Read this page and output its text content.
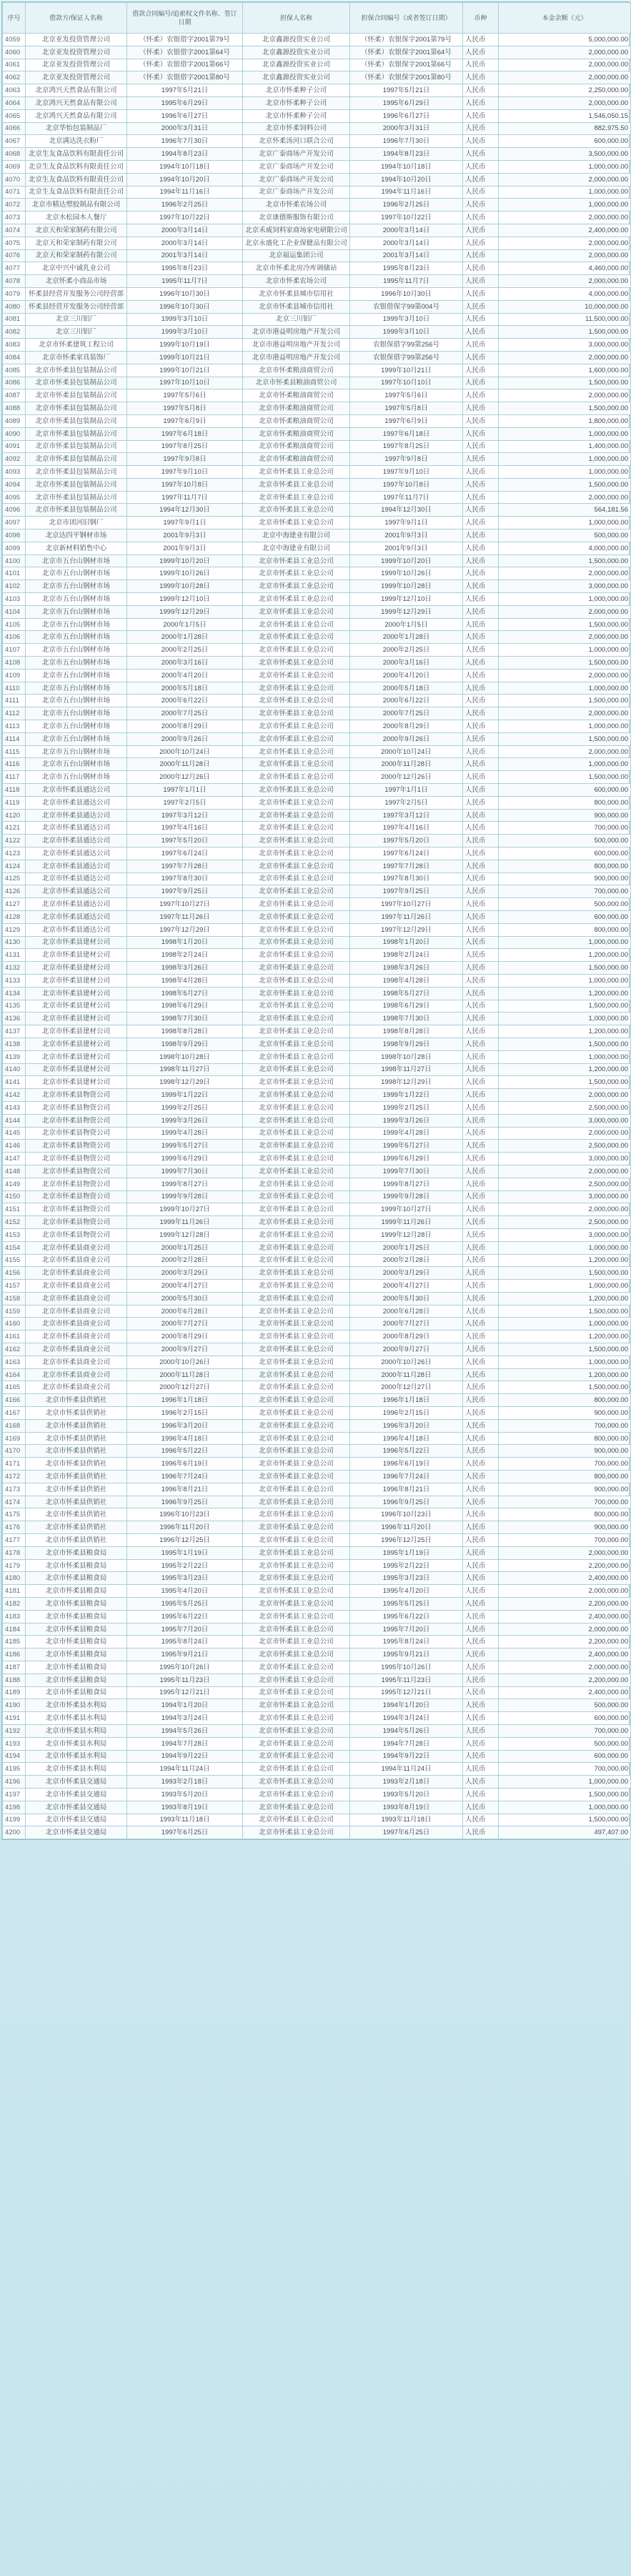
序号	借款方/保证人名称	借款合同编号/追索权文件名称、签订日期	担保人名称	担保合同编号（或者签订日期）	币种	本金余额（元）
4059	北京亚发投资管理公司	（怀柔）农银借字2001第79号	北京鑫源投资实业公司	（怀柔）农银保字2001第79号	人民币	5,000,000.00
4060	北京亚发投资管理公司	（怀柔）农银借字2001第64号	北京鑫源投资实业公司	（怀柔）农银保字2001第64号	人民币	2,000,000.00
4061	北京亚发投资管理公司	（怀柔）农银借字2001第66号	北京鑫源投资实业公司	（怀柔）农银保字2001第66号	人民币	2,000,000.00
4062	北京亚发投资管理公司	（怀柔）农银借字2001第80号	北京鑫源投资实业公司	（怀柔）农银保字2001第80号	人民币	2,000,000.00
4063	北京鸿兴天然食品有限公司	1997年5月21日	北京市怀柔种子公司	1997年5月21日	人民币	2,250,000.00
4064	北京鸿兴天然食品有限公司	1995年6月29日	北京市怀柔种子公司	1995年6月29日	人民币	2,000,000.00
4065	北京鸿兴天然食品有限公司	1996年6月27日	北京市怀柔种子公司	1996年6月27日	人民币	1,546,050.15
4066	北京华怡包装制品厂	2000年3月31日	北京市怀柔饲料公司	2000年3月31日	人民币	882,975.50
4067	北京满达洗衣粉厂	1996年7月30日	北京怀柔汤河口联合公司	1996年7月30日	人民币	600,000.00
4068	北京生友食品饮料有限责任公司	1994年8月23日	北京广泰商场产开发公司	1994年8月23日	人民币	3,500,000.00
4069	北京生友食品饮料有限责任公司	1994年10月18日	北京广泰商场产开发公司	1994年10月18日	人民币	1,000,000.00
4070	北京生友食品饮料有限责任公司	1994年10月20日	北京广泰商场产开发公司	1994年10月20日	人民币	2,000,000.00
4071	北京生友食品饮料有限责任公司	1994年11月16日	北京广泰商场产开发公司	1994年11月16日	人民币	1,000,000.00
4072	北京市精达塑胶制品有限公司	1996年2月25日	北京市怀柔农场公司	1996年2月25日	人民币	1,000,000.00
4073	北京水松园木人餐厅	1997年10月22日	北京康德斯服饰有限公司	1997年10月22日	人民币	2,000,000.00
4074	北京天和荣家制药有限公司	2000年3月14日	北京禾威饲料家商场家电研限公司	2000年3月14日	人民币	2,400,000.00
4075	北京天和荣家制药有限公司	2000年3月14日	北京永盛化工企业保健品有限公司	2000年3月14日	人民币	2,000,000.00
4076	北京天和荣家制药有限公司	2001年3月14日	北京福运集团公司	2001年3月14日	人民币	2,000,000.00
4077	北京中兴中诚乳业公司	1995年8月23日	北京市怀柔北房冷库调储站	1995年8月23日	人民币	4,460,000.00
4078	北京怀柔小商品市场	1995年11月7日	北京市怀柔农场公司	1995年11月7日	人民币	2,000,000.00
4079	怀柔县经营开发服务公司经营部	1996年10月30日	北京市怀柔县城市信用社	1996年10月30日	人民币	4,000,000.00
4080	怀柔县经营开发服务公司经营部	1996年10月30日	北京市怀柔县城市信用社	农银借保字99第004号	人民币	10,000,000.00
4081	北京三川铝厂	1999年3月10日	北京三川铝厂	1999年3月10日	人民币	11,500,000.00
4082	北京三川铝厂	1999年3月10日	北京市港益明房地产开发公司	1999年3月10日	人民币	1,500,000.00
4083	北京市怀柔建筑工程公司	1999年10月19日	北京市港益明房地产开发公司	农银保借字99第256号	人民币	3,000,000.00
4084	北京市怀柔家具装饰厂	1999年10月21日	北京市港益明房地产开发公司	农银保借字99第256号	人民币	2,000,000.00
4085	北京市怀柔县包装制品公司	1999年10月21日	北京市怀柔粮油商贸公司	1999年10月21日	人民币	1,600,000.00
4086	北京市怀柔县包装制品公司	1997年10月10日	北京市怀柔县粮油商贸公司	1997年10月10日	人民币	1,500,000.00
4087	北京市怀柔县包装制品公司	1997年5月6日	北京市怀柔粮油商贸公司	1997年5月6日	人民币	2,000,000.00
4088	北京市怀柔县包装制品公司	1997年5月8日	北京市怀柔粮油商贸公司	1997年5月8日	人民币	1,500,000.00
4089	北京市怀柔县包装制品公司	1997年6月9日	北京市怀柔粮油商贸公司	1997年6月9日	人民币	1,800,000.00
4090	北京市怀柔县包装制品公司	1997年6月18日	北京市怀柔粮油商贸公司	1997年6月18日	人民币	1,000,000.00
4091	北京市怀柔县包装制品公司	1997年8月25日	北京市怀柔粮油商贸公司	1997年8月25日	人民币	1,400,000.00
4092	北京市怀柔县包装制品公司	1997年9月8日	北京市怀柔粮油商贸公司	1997年9月8日	人民币	1,000,000.00
4093	北京市怀柔县包装制品公司	1997年9月10日	北京市怀柔县工业总公司	1997年9月10日	人民币	1,000,000.00
4094	北京市怀柔县包装制品公司	1997年10月8日	北京市怀柔县工业总公司	1997年10月8日	人民币	1,500,000.00
4095	北京市怀柔县包装制品公司	1997年11月7日	北京市怀柔县工业总公司	1997年11月7日	人民币	2,000,000.00
4096	北京市怀柔县包装制品公司	1994年12月30日	北京市怀柔县工业总公司	1994年12月30日	人民币	564,181.56
4097	北京市团河旧钢厂	1997年9月1日	北京市怀柔县工业总公司	1997年9月1日	人民币	1,000,000.00
4098	北京达四平钢材市场	2001年9月3日	北京中海建业有限公司	2001年9月3日	人民币	500,000.00
4099	北京新材料销售中心	2001年9月3日	北京中海建业有限公司	2001年9月3日	人民币	4,000,000.00
4100	北京市五台山钢材市场	1999年10月20日	北京市怀柔县工业总公司	1999年10月20日	人民币	1,500,000.00
4101	北京市五台山钢材市场	1999年10月26日	北京市怀柔县工业总公司	1999年10月26日	人民币	2,000,000.00
4102	北京市五台山钢材市场	1999年10月28日	北京市怀柔县工业总公司	1999年10月28日	人民币	3,000,000.00
4103	北京市五台山钢材市场	1999年12月10日	北京市怀柔县工业总公司	1999年12月10日	人民币	1,000,000.00
4104	北京市五台山钢材市场	1999年12月29日	北京市怀柔县工业总公司	1999年12月29日	人民币	2,000,000.00
4105	北京市五台山钢材市场	2000年1月5日	北京市怀柔县工业总公司	2000年1月5日	人民币	1,500,000.00
4106	北京市五台山钢材市场	2000年1月28日	北京市怀柔县工业总公司	2000年1月28日	人民币	2,000,000.00
4107	北京市五台山钢材市场	2000年2月25日	北京市怀柔县工业总公司	2000年2月25日	人民币	1,000,000.00
4108	北京市五台山钢材市场	2000年3月16日	北京市怀柔县工业总公司	2000年3月16日	人民币	1,500,000.00
4109	北京市五台山钢材市场	2000年4月20日	北京市怀柔县工业总公司	2000年4月20日	人民币	2,000,000.00
4110	北京市五台山钢材市场	2000年5月18日	北京市怀柔县工业总公司	2000年5月18日	人民币	1,000,000.00
4111	北京市五台山钢材市场	2000年6月22日	北京市怀柔县工业总公司	2000年6月22日	人民币	1,500,000.00
4112	北京市五台山钢材市场	2000年7月25日	北京市怀柔县工业总公司	2000年7月25日	人民币	2,000,000.00
4113	北京市五台山钢材市场	2000年8月29日	北京市怀柔县工业总公司	2000年8月29日	人民币	1,000,000.00
4114	北京市五台山钢材市场	2000年9月26日	北京市怀柔县工业总公司	2000年9月26日	人民币	1,500,000.00
4115	北京市五台山钢材市场	2000年10月24日	北京市怀柔县工业总公司	2000年10月24日	人民币	2,000,000.00
4116	北京市五台山钢材市场	2000年11月28日	北京市怀柔县工业总公司	2000年11月28日	人民币	1,000,000.00
4117	北京市五台山钢材市场	2000年12月26日	北京市怀柔县工业总公司	2000年12月26日	人民币	1,500,000.00
4118	北京市怀柔县通达公司	1997年1月1日	北京市怀柔县工业总公司	1997年1月1日	人民币	600,000.00
4119	北京市怀柔县通达公司	1997年2月5日	北京市怀柔县工业总公司	1997年2月5日	人民币	800,000.00
4120	北京市怀柔县通达公司	1997年3月12日	北京市怀柔县工业总公司	1997年3月12日	人民币	900,000.00
4121	北京市怀柔县通达公司	1997年4月16日	北京市怀柔县工业总公司	1997年4月16日	人民币	700,000.00
4122	北京市怀柔县通达公司	1997年5月20日	北京市怀柔县工业总公司	1997年5月20日	人民币	500,000.00
4123	北京市怀柔县通达公司	1997年6月24日	北京市怀柔县工业总公司	1997年6月24日	人民币	600,000.00
4124	北京市怀柔县通达公司	1997年7月28日	北京市怀柔县工业总公司	1997年7月28日	人民币	800,000.00
4125	北京市怀柔县通达公司	1997年8月30日	北京市怀柔县工业总公司	1997年8月30日	人民币	900,000.00
4126	北京市怀柔县通达公司	1997年9月25日	北京市怀柔县工业总公司	1997年9月25日	人民币	700,000.00
4127	北京市怀柔县通达公司	1997年10月27日	北京市怀柔县工业总公司	1997年10月27日	人民币	500,000.00
4128	北京市怀柔县通达公司	1997年11月26日	北京市怀柔县工业总公司	1997年11月26日	人民币	600,000.00
4129	北京市怀柔县通达公司	1997年12月29日	北京市怀柔县工业总公司	1997年12月29日	人民币	800,000.00
4130	北京市怀柔县建材公司	1998年1月20日	北京市怀柔县工业总公司	1998年1月20日	人民币	1,000,000.00
4131	北京市怀柔县建材公司	1998年2月24日	北京市怀柔县工业总公司	1998年2月24日	人民币	1,200,000.00
4132	北京市怀柔县建材公司	1998年3月26日	北京市怀柔县工业总公司	1998年3月26日	人民币	1,500,000.00
4133	北京市怀柔县建材公司	1998年4月28日	北京市怀柔县工业总公司	1998年4月28日	人民币	1,000,000.00
4134	北京市怀柔县建材公司	1998年5月27日	北京市怀柔县工业总公司	1998年5月27日	人民币	1,200,000.00
4135	北京市怀柔县建材公司	1998年6月29日	北京市怀柔县工业总公司	1998年6月29日	人民币	1,500,000.00
4136	北京市怀柔县建材公司	1998年7月30日	北京市怀柔县工业总公司	1998年7月30日	人民币	1,000,000.00
4137	北京市怀柔县建材公司	1998年8月28日	北京市怀柔县工业总公司	1998年8月28日	人民币	1,200,000.00
4138	北京市怀柔县建材公司	1998年9月29日	北京市怀柔县工业总公司	1998年9月29日	人民币	1,500,000.00
4139	北京市怀柔县建材公司	1998年10月28日	北京市怀柔县工业总公司	1998年10月28日	人民币	1,000,000.00
4140	北京市怀柔县建材公司	1998年11月27日	北京市怀柔县工业总公司	1998年11月27日	人民币	1,200,000.00
4141	北京市怀柔县建材公司	1998年12月29日	北京市怀柔县工业总公司	1998年12月29日	人民币	1,500,000.00
4142	北京市怀柔县物资公司	1999年1月22日	北京市怀柔县工业总公司	1999年1月22日	人民币	2,000,000.00
4143	北京市怀柔县物资公司	1999年2月25日	北京市怀柔县工业总公司	1999年2月25日	人民币	2,500,000.00
4144	北京市怀柔县物资公司	1999年3月26日	北京市怀柔县工业总公司	1999年3月26日	人民币	3,000,000.00
4145	北京市怀柔县物资公司	1999年4月28日	北京市怀柔县工业总公司	1999年4月28日	人民币	2,000,000.00
4146	北京市怀柔县物资公司	1999年5月27日	北京市怀柔县工业总公司	1999年5月27日	人民币	2,500,000.00
4147	北京市怀柔县物资公司	1999年6月29日	北京市怀柔县工业总公司	1999年6月29日	人民币	3,000,000.00
4148	北京市怀柔县物资公司	1999年7月30日	北京市怀柔县工业总公司	1999年7月30日	人民币	2,000,000.00
4149	北京市怀柔县物资公司	1999年8月27日	北京市怀柔县工业总公司	1999年8月27日	人民币	2,500,000.00
4150	北京市怀柔县物资公司	1999年9月28日	北京市怀柔县工业总公司	1999年9月28日	人民币	3,000,000.00
4151	北京市怀柔县物资公司	1999年10月27日	北京市怀柔县工业总公司	1999年10月27日	人民币	2,000,000.00
4152	北京市怀柔县物资公司	1999年11月26日	北京市怀柔县工业总公司	1999年11月26日	人民币	2,500,000.00
4153	北京市怀柔县物资公司	1999年12月28日	北京市怀柔县工业总公司	1999年12月28日	人民币	3,000,000.00
4154	北京市怀柔县商业公司	2000年1月25日	北京市怀柔县工业总公司	2000年1月25日	人民币	1,000,000.00
4155	北京市怀柔县商业公司	2000年2月28日	北京市怀柔县工业总公司	2000年2月28日	人民币	1,200,000.00
4156	北京市怀柔县商业公司	2000年3月29日	北京市怀柔县工业总公司	2000年3月29日	人民币	1,500,000.00
4157	北京市怀柔县商业公司	2000年4月27日	北京市怀柔县工业总公司	2000年4月27日	人民币	1,000,000.00
4158	北京市怀柔县商业公司	2000年5月30日	北京市怀柔县工业总公司	2000年5月30日	人民币	1,200,000.00
4159	北京市怀柔县商业公司	2000年6月28日	北京市怀柔县工业总公司	2000年6月28日	人民币	1,500,000.00
4160	北京市怀柔县商业公司	2000年7月27日	北京市怀柔县工业总公司	2000年7月27日	人民币	1,000,000.00
4161	北京市怀柔县商业公司	2000年8月29日	北京市怀柔县工业总公司	2000年8月29日	人民币	1,200,000.00
4162	北京市怀柔县商业公司	2000年9月27日	北京市怀柔县工业总公司	2000年9月27日	人民币	1,500,000.00
4163	北京市怀柔县商业公司	2000年10月26日	北京市怀柔县工业总公司	2000年10月26日	人民币	1,000,000.00
4164	北京市怀柔县商业公司	2000年11月28日	北京市怀柔县工业总公司	2000年11月28日	人民币	1,200,000.00
4165	北京市怀柔县商业公司	2000年12月27日	北京市怀柔县工业总公司	2000年12月27日	人民币	1,500,000.00
4166	北京市怀柔县供销社	1996年1月18日	北京市怀柔县工业总公司	1996年1月18日	人民币	800,000.00
4167	北京市怀柔县供销社	1996年2月15日	北京市怀柔县工业总公司	1996年2月15日	人民币	900,000.00
4168	北京市怀柔县供销社	1996年3月20日	北京市怀柔县工业总公司	1996年3月20日	人民币	700,000.00
4169	北京市怀柔县供销社	1996年4月18日	北京市怀柔县工业总公司	1996年4月18日	人民币	800,000.00
4170	北京市怀柔县供销社	1996年5月22日	北京市怀柔县工业总公司	1996年5月22日	人民币	900,000.00
4171	北京市怀柔县供销社	1996年6月19日	北京市怀柔县工业总公司	1996年6月19日	人民币	700,000.00
4172	北京市怀柔县供销社	1996年7月24日	北京市怀柔县工业总公司	1996年7月24日	人民币	800,000.00
4173	北京市怀柔县供销社	1996年8月21日	北京市怀柔县工业总公司	1996年8月21日	人民币	900,000.00
4174	北京市怀柔县供销社	1996年9月25日	北京市怀柔县工业总公司	1996年9月25日	人民币	700,000.00
4175	北京市怀柔县供销社	1996年10月23日	北京市怀柔县工业总公司	1996年10月23日	人民币	800,000.00
4176	北京市怀柔县供销社	1996年11月20日	北京市怀柔县工业总公司	1996年11月20日	人民币	900,000.00
4177	北京市怀柔县供销社	1996年12月25日	北京市怀柔县工业总公司	1996年12月25日	人民币	700,000.00
4178	北京市怀柔县粮食局	1995年1月19日	北京市怀柔县工业总公司	1995年1月19日	人民币	2,000,000.00
4179	北京市怀柔县粮食局	1995年2月22日	北京市怀柔县工业总公司	1995年2月22日	人民币	2,200,000.00
4180	北京市怀柔县粮食局	1995年3月23日	北京市怀柔县工业总公司	1995年3月23日	人民币	2,400,000.00
4181	北京市怀柔县粮食局	1995年4月20日	北京市怀柔县工业总公司	1995年4月20日	人民币	2,000,000.00
4182	北京市怀柔县粮食局	1995年5月25日	北京市怀柔县工业总公司	1995年5月25日	人民币	2,200,000.00
4183	北京市怀柔县粮食局	1995年6月22日	北京市怀柔县工业总公司	1995年6月22日	人民币	2,400,000.00
4184	北京市怀柔县粮食局	1995年7月20日	北京市怀柔县工业总公司	1995年7月20日	人民币	2,000,000.00
4185	北京市怀柔县粮食局	1995年8月24日	北京市怀柔县工业总公司	1995年8月24日	人民币	2,200,000.00
4186	北京市怀柔县粮食局	1995年9月21日	北京市怀柔县工业总公司	1995年9月21日	人民币	2,400,000.00
4187	北京市怀柔县粮食局	1995年10月26日	北京市怀柔县工业总公司	1995年10月26日	人民币	2,000,000.00
4188	北京市怀柔县粮食局	1995年11月23日	北京市怀柔县工业总公司	1995年11月23日	人民币	2,200,000.00
4189	北京市怀柔县粮食局	1995年12月21日	北京市怀柔县工业总公司	1995年12月21日	人民币	2,400,000.00
4190	北京市怀柔县水利局	1994年1月20日	北京市怀柔县工业总公司	1994年1月20日	人民币	500,000.00
4191	北京市怀柔县水利局	1994年3月24日	北京市怀柔县工业总公司	1994年3月24日	人民币	600,000.00
4192	北京市怀柔县水利局	1994年5月26日	北京市怀柔县工业总公司	1994年5月26日	人民币	700,000.00
4193	北京市怀柔县水利局	1994年7月28日	北京市怀柔县工业总公司	1994年7月28日	人民币	500,000.00
4194	北京市怀柔县水利局	1994年9月22日	北京市怀柔县工业总公司	1994年9月22日	人民币	600,000.00
4195	北京市怀柔县水利局	1994年11月24日	北京市怀柔县工业总公司	1994年11月24日	人民币	700,000.00
4196	北京市怀柔县交通局	1993年2月18日	北京市怀柔县工业总公司	1993年2月18日	人民币	1,000,000.00
4197	北京市怀柔县交通局	1993年5月20日	北京市怀柔县工业总公司	1993年5月20日	人民币	1,500,000.00
4198	北京市怀柔县交通局	1993年8月19日	北京市怀柔县工业总公司	1993年8月19日	人民币	1,000,000.00
4199	北京市怀柔县交通局	1993年11月18日	北京市怀柔县工业总公司	1993年11月18日	人民币	1,500,000.00
4200	北京市怀柔县交通局	1997年6月25日	北京市怀柔县工业总公司	1997年6月25日	人民币	497,407.00
